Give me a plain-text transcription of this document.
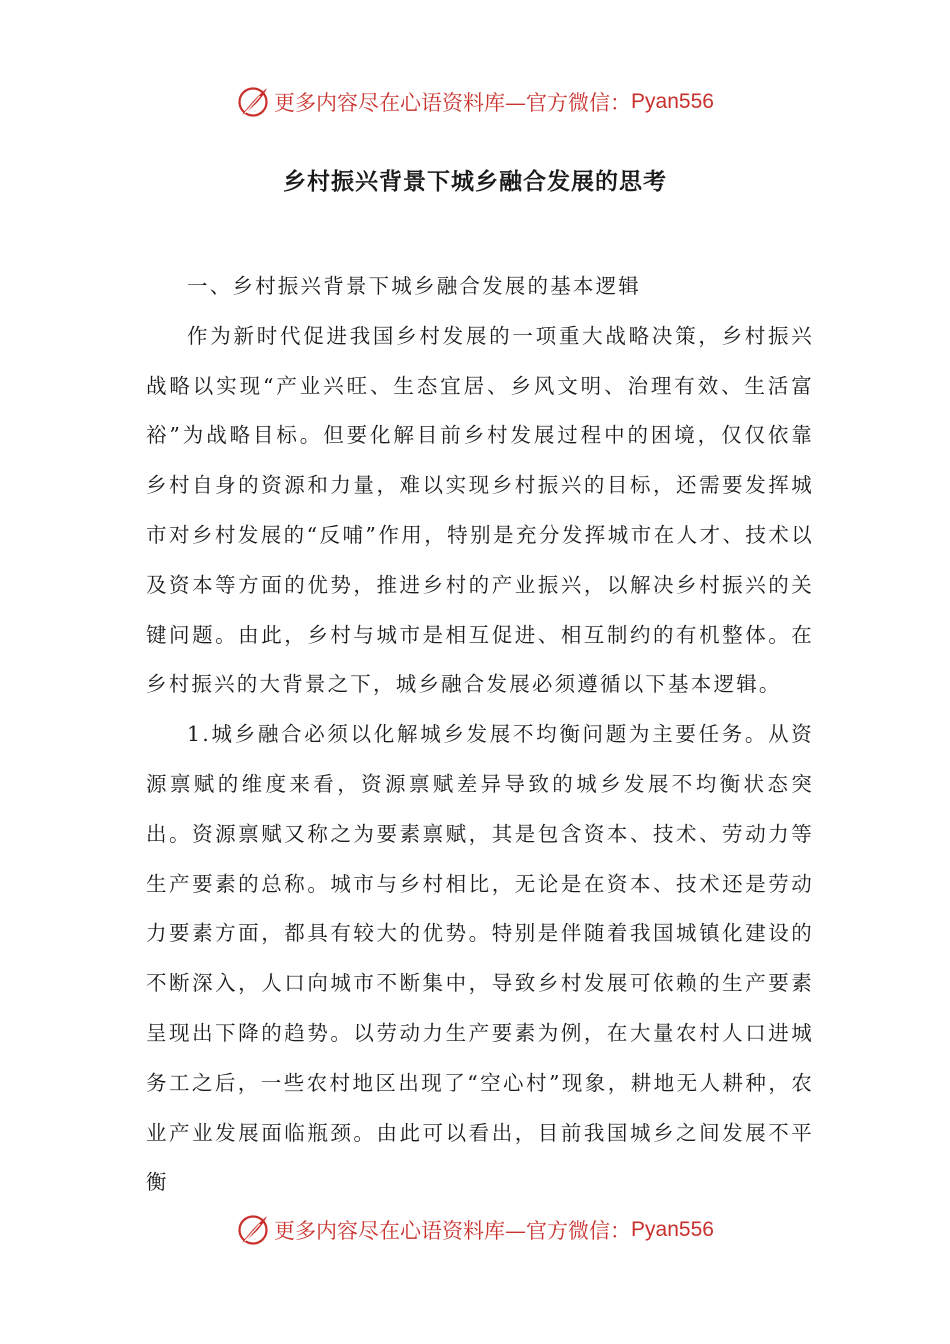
更多内容尽在心语资料库—官方微信： Pyan556
乡村振兴背景下城乡融合发展的思考

一、乡村振兴背景下城乡融合发展的基本逻辑

作为新时代促进我国乡村发展的一项重大战略决策，乡村振兴战略以实现“产业兴旺、生态宜居、乡风文明、治理有效、生活富裕”为战略目标。但要化解目前乡村发展过程中的困境，仅仅依靠乡村自身的资源和力量，难以实现乡村振兴的目标，还需要发挥城市对乡村发展的“反哺”作用，特别是充分发挥城市在人才、技术以及资本等方面的优势，推进乡村的产业振兴，以解决乡村振兴的关键问题。由此，乡村与城市是相互促进、相互制约的有机整体。在乡村振兴的大背景之下，城乡融合发展必须遵循以下基本逻辑。

1.城乡融合必须以化解城乡发展不均衡问题为主要任务。从资源禀赋的维度来看，资源禀赋差异导致的城乡发展不均衡状态突出。资源禀赋又称之为要素禀赋，其是包含资本、技术、劳动力等生产要素的总称。城市与乡村相比，无论是在资本、技术还是劳动力要素方面，都具有较大的优势。特别是伴随着我国城镇化建设的不断深入，人口向城市不断集中，导致乡村发展可依赖的生产要素呈现出下降的趋势。以劳动力生产要素为例，在大量农村人口进城务工之后，一些农村地区出现了“空心村”现象，耕地无人耕种，农业产业发展面临瓶颈。由此可以看出，目前我国城乡之间发展不平衡

更多内容尽在心语资料库—官方微信： Pyan556
